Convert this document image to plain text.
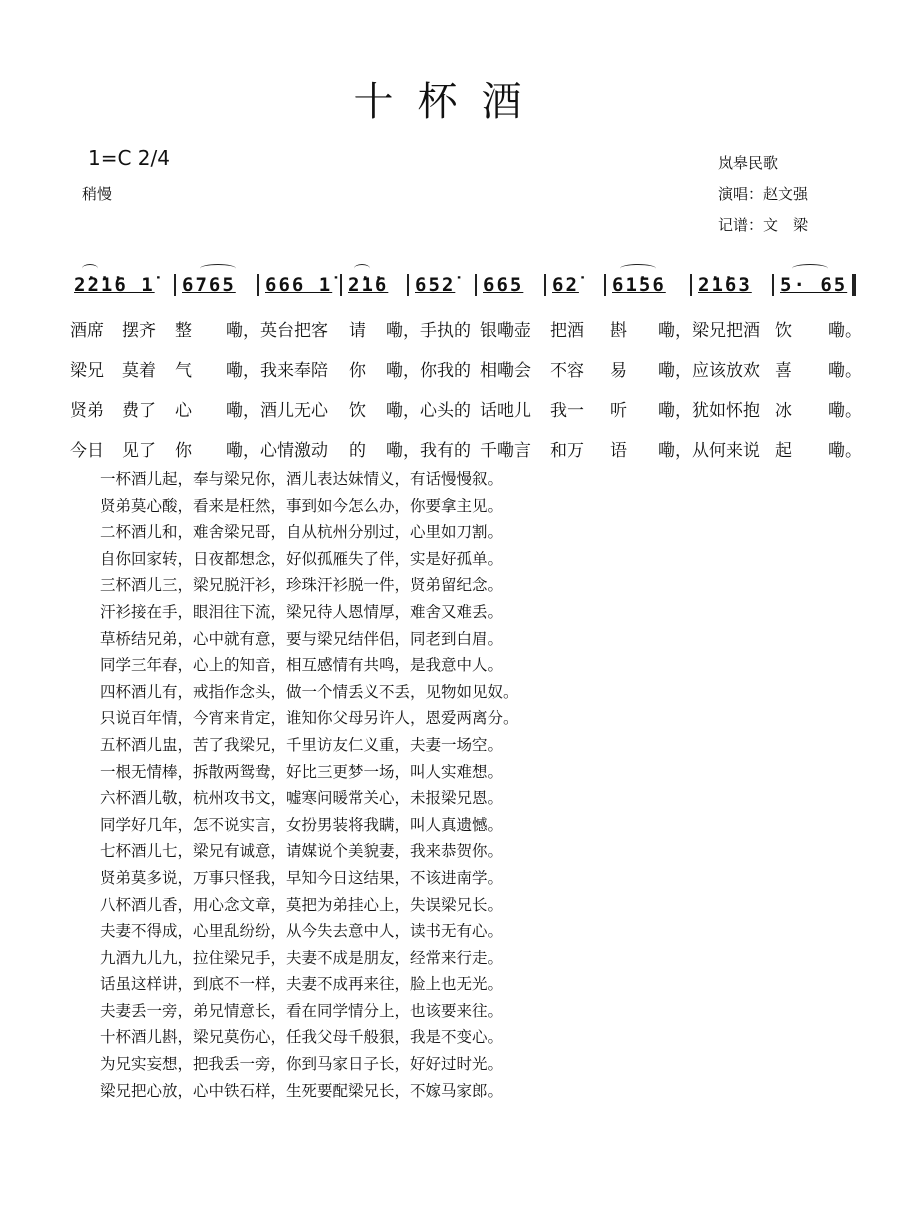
十杯酒
1=C 2/4
稍慢
岚皋民歌
演唱：赵文强
记谱：文　梁
2̇2̇1̇6 1̇ 6765 666 1̇ 2̇1̇6 652̇ 665 62̇ 61̇56 2̇1̇63 5· 65
酒席 摆齐 整 嘞，英台把客 请 嘞，手执的 银嘞壶 把酒 斟 嘞，梁兄把酒 饮 嘞。
梁兄 莫着 气 嘞，我来奉陪 你 嘞，你我的 相嘞会 不容 易 嘞，应该放欢 喜 嘞。
贤弟 费了 心 嘞，酒儿无心 饮 嘞，心头的 话吔儿 我一 听 嘞，犹如怀抱 冰 嘞。
今日 见了 你 嘞，心情激动 的 嘞，我有的 千嘞言 和万 语 嘞，从何来说 起 嘞。
一杯酒儿起，奉与梁兄你，酒儿表达妹情义，有话慢慢叙。
贤弟莫心酸，看来是枉然，事到如今怎么办，你要拿主见。
二杯酒儿和，难舍梁兄哥，自从杭州分别过，心里如刀割。
自你回家转，日夜都想念，好似孤雁失了伴，实是好孤单。
三杯酒儿三，梁兄脱汗衫，珍珠汗衫脱一件，贤弟留纪念。
汗衫接在手，眼泪往下流，梁兄待人恩情厚，难舍又难丢。
草桥结兄弟，心中就有意，要与梁兄结伴侣，同老到白眉。
同学三年春，心上的知音，相互感情有共鸣，是我意中人。
四杯酒儿有，戒指作念头，做一个情丢义不丢，见物如见奴。
只说百年情，今宵来肯定，谁知你父母另许人，恩爱两离分。
五杯酒儿盅，苦了我梁兄，千里访友仁义重，夫妻一场空。
一根无情棒，拆散两鸳鸯，好比三更梦一场，叫人实难想。
六杯酒儿敬，杭州攻书文，嘘寒问暖常关心，未报梁兄恩。
同学好几年，怎不说实言，女扮男装将我瞒，叫人真遗憾。
七杯酒儿七，梁兄有诚意，请媒说个美貌妻，我来恭贺你。
贤弟莫多说，万事只怪我，早知今日这结果，不该进南学。
八杯酒儿香，用心念文章，莫把为弟挂心上，失误梁兄长。
夫妻不得成，心里乱纷纷，从今失去意中人，读书无有心。
九酒九儿九，拉住梁兄手，夫妻不成是朋友，经常来行走。
话虽这样讲，到底不一样，夫妻不成再来往，脸上也无光。
夫妻丢一旁，弟兄情意长，看在同学情分上，也该要来往。
十杯酒儿斟，梁兄莫伤心，任我父母千般狠，我是不变心。
为兄实妄想，把我丢一旁，你到马家日子长，好好过时光。
梁兄把心放，心中铁石样，生死要配梁兄长，不嫁马家郎。
